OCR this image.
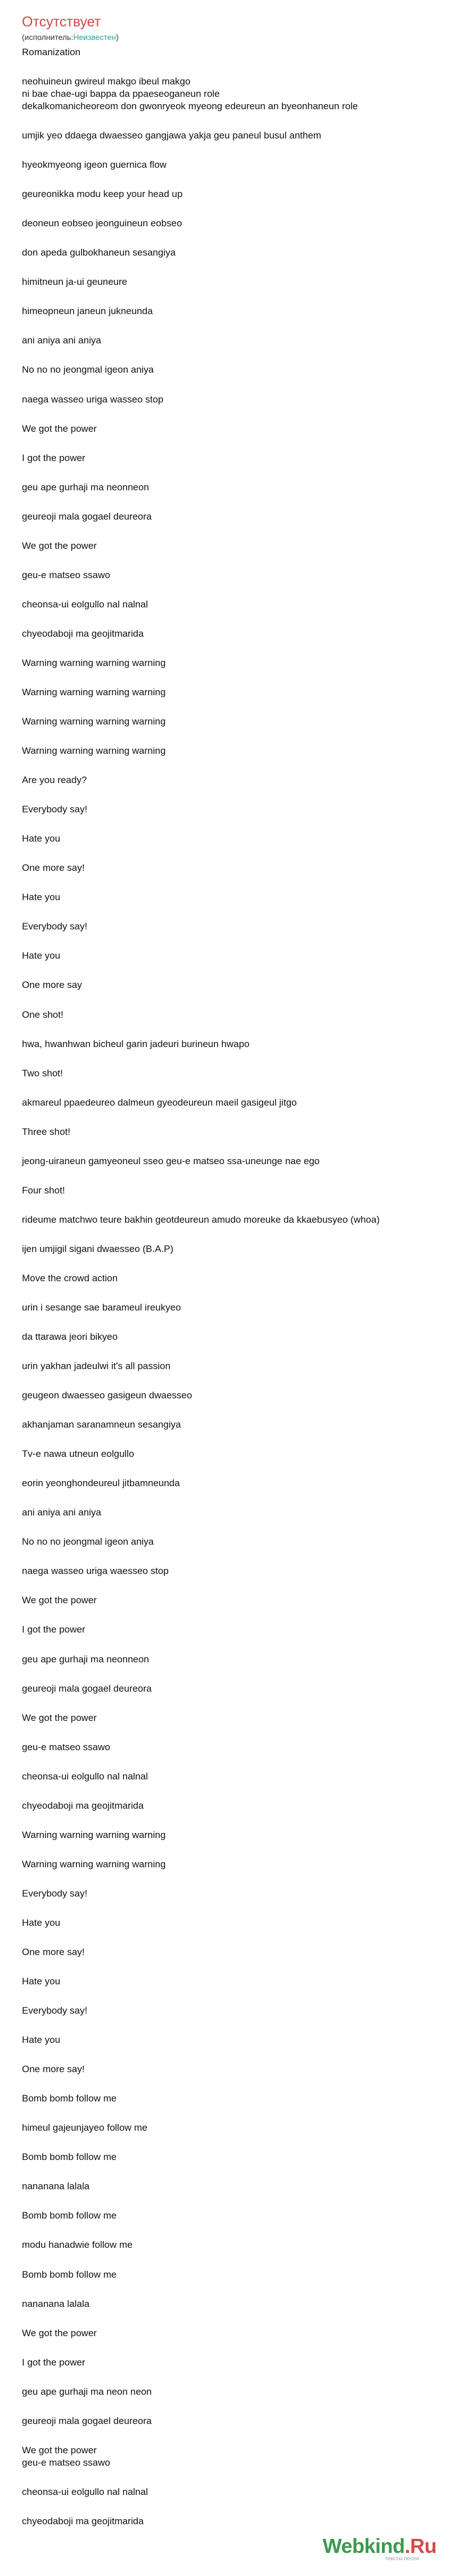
Отсутствует
(исполнитель:Неизвестен)
Romanization
neohuineun gwireul makgo ibeul makgo
ni bae chae-ugi bappa da ppaeseoganeun role
dekalkomanicheoreom don gwonryeok myeong edeureun an byeonhaneun role
umjik yeo ddaega dwaesseo gangjawa yakja geu paneul busul anthem
hyeokmyeong igeon guernica flow
geureonikka modu keep your head up
deoneun eobseo jeonguineun eobseo
don apeda gulbokhaneun sesangiya
himitneun ja-ui geuneure
himeopneun janeun jukneunda
ani aniya ani aniya
No no no jeongmal igeon aniya
naega wasseo uriga wasseo stop
We got the power
I got the power
geu ape gurhaji ma neonneon
geureoji mala gogael deureora
We got the power
geu-e matseo ssawo
cheonsa-ui eolgullo nal nalnal
chyeodaboji ma geojitmarida
Warning warning warning warning
Warning warning warning warning
Warning warning warning warning
Warning warning warning warning
Are you ready?
Everybody say!
Hate you
One more say!
Hate you
Everybody say!
Hate you
One more say
One shot!
hwa, hwanhwan bicheul garin jadeuri burineun hwapo
Two shot!
akmareul ppaedeureo dalmeun gyeodeureun maeil gasigeul jitgo
Three shot!
jeong-uiraneun gamyeoneul sseo geu-e matseo ssa-uneunge nae ego
Four shot!
rideume matchwo teure bakhin geotdeureun amudo moreuke da kkaebusyeo (whoa)
ijen umjigil sigani dwaesseo (B.A.P)
Move the crowd action
urin i sesange sae barameul ireukyeo
da ttarawa jeori bikyeo
urin yakhan jadeulwi it's all passion
geugeon dwaesseo gasigeun dwaesseo
akhanjaman saranamneun sesangiya
Tv-e nawa utneun eolgullo
eorin yeonghondeureul jitbamneunda
ani aniya ani aniya
No no no jeongmal igeon aniya
naega wasseo uriga waesseo stop
We got the power
I got the power
geu ape gurhaji ma neonneon
geureoji mala gogael deureora
We got the power
geu-e matseo ssawo
cheonsa-ui eolgullo nal nalnal
chyeodaboji ma geojitmarida
Warning warning warning warning
Warning warning warning warning
Everybody say!
Hate you
One more say!
Hate you
Everybody say!
Hate you
One more say!
Bomb bomb follow me
himeul gajeunjayeo follow me
Bomb bomb follow me
nananana lalala
Bomb bomb follow me
modu hanadwie follow me
Bomb bomb follow me
nananana lalala
We got the power
I got the power
geu ape gurhaji ma neon neon
geureoji mala gogael deureora
We got the power
geu-e matseo ssawo
cheonsa-ui eolgullo nal nalnal
chyeodaboji ma geojitmarida
Webkind.Ru
тексты песен
